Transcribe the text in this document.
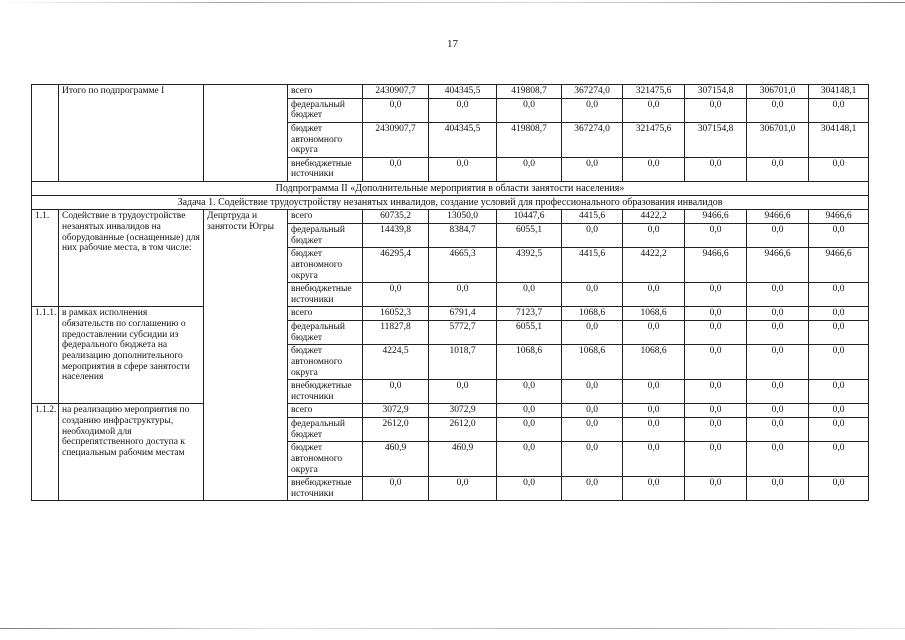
17
	Итого по подпрограмме I		всего	2430907,7	404345,5	419808,7	367274,0	321475,6	307154,8	306701,0	304148,1
			федеральный бюджет	0,0	0,0	0,0	0,0	0,0	0,0	0,0	0,0
			бюджет автономного округа	2430907,7	404345,5	419808,7	367274,0	321475,6	307154,8	306701,0	304148,1
			внебюджетные источники	0,0	0,0	0,0	0,0	0,0	0,0	0,0	0,0
Подпрограмма II «Дополнительные мероприятия в области занятости населения»											
Задача 1. Содействие трудоустройству незанятых инвалидов, создание условий для профессионального образования инвалидов											
1.1.	Содействие в трудоустройстве незанятых инвалидов на оборудованные (оснащенные) для них рабочие места, в том числе:	Депртруда и занятости Югры	всего	60735,2	13050,0	10447,6	4415,6	4422,2	9466,6	9466,6	9466,6
			федеральный бюджет	14439,8	8384,7	6055,1	0,0	0,0	0,0	0,0	0,0
			бюджет автономного округа	46295,4	4665,3	4392,5	4415,6	4422,2	9466,6	9466,6	9466,6
			внебюджетные источники	0,0	0,0	0,0	0,0	0,0	0,0	0,0	0,0
1.1.1.	в рамках исполнения обязательств по соглашению о предоставлении субсидии из федерального бюджета на реализацию дополнительного мероприятия в сфере занятости населения		всего	16052,3	6791,4	7123,7	1068,6	1068,6	0,0	0,0	0,0
			федеральный бюджет	11827,8	5772,7	6055,1	0,0	0,0	0,0	0,0	0,0
			бюджет автономного округа	4224,5	1018,7	1068,6	1068,6	1068,6	0,0	0,0	0,0
			внебюджетные источники	0,0	0,0	0,0	0,0	0,0	0,0	0,0	0,0
1.1.2.	на реализацию мероприятия по созданию инфраструктуры, необходимой для беспрепятственного доступа к специальным рабочим местам		всего	3072,9	3072,9	0,0	0,0	0,0	0,0	0,0	0,0
			федеральный бюджет	2612,0	2612,0	0,0	0,0	0,0	0,0	0,0	0,0
			бюджет автономного округа	460,9	460,9	0,0	0,0	0,0	0,0	0,0	0,0
			внебюджетные источники	0,0	0,0	0,0	0,0	0,0	0,0	0,0	0,0
